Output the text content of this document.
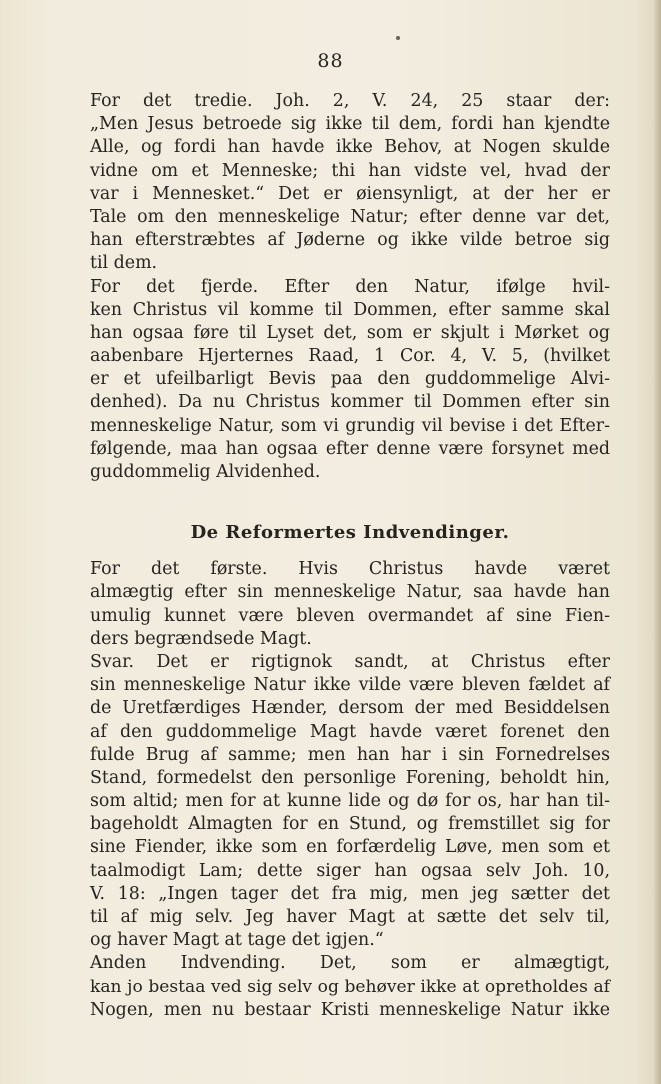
88
For det tredie. Joh. 2, V. 24, 25 staar der:
„Men Jesus betroede sig ikke til dem, fordi han kjendte
Alle, og fordi han havde ikke Behov, at Nogen skulde
vidne om et Menneske; thi han vidste vel, hvad der
var i Mennesket.“ Det er øiensynligt, at der her er
Tale om den menneskelige Natur; efter denne var det,
han efterstræbtes af Jøderne og ikke vilde betroe sig
til dem.
For det fjerde. Efter den Natur, ifølge hvil-
ken Christus vil komme til Dommen, efter samme skal
han ogsaa føre til Lyset det, som er skjult i Mørket og
aabenbare Hjerternes Raad, 1 Cor. 4, V. 5, (hvilket
er et ufeilbarligt Bevis paa den guddommelige Alvi-
denhed). Da nu Christus kommer til Dommen efter sin
menneskelige Natur, som vi grundig vil bevise i det Efter-
følgende, maa han ogsaa efter denne være forsynet med
guddommelig Alvidenhed.
De Reformertes Indvendinger.
For det første. Hvis Christus havde været
almægtig efter sin menneskelige Natur, saa havde han
umulig kunnet være bleven overmandet af sine Fien-
ders begrændsede Magt.
Svar. Det er rigtignok sandt, at Christus efter
sin menneskelige Natur ikke vilde være bleven fældet af
de Uretfærdiges Hænder, dersom der med Besiddelsen
af den guddommelige Magt havde været forenet den
fulde Brug af samme; men han har i sin Fornedrelses
Stand, formedelst den personlige Forening, beholdt hin,
som altid; men for at kunne lide og dø for os, har han til-
bageholdt Almagten for en Stund, og fremstillet sig for
sine Fiender, ikke som en forfærdelig Løve, men som et
taalmodigt Lam; dette siger han ogsaa selv Joh. 10,
V. 18: „Ingen tager det fra mig, men jeg sætter det
til af mig selv. Jeg haver Magt at sætte det selv til,
og haver Magt at tage det igjen.“
Anden Indvending. Det, som er almægtigt,
kan jo bestaa ved sig selv og behøver ikke at opretholdes af
Nogen, men nu bestaar Kristi menneskelige Natur ikke
